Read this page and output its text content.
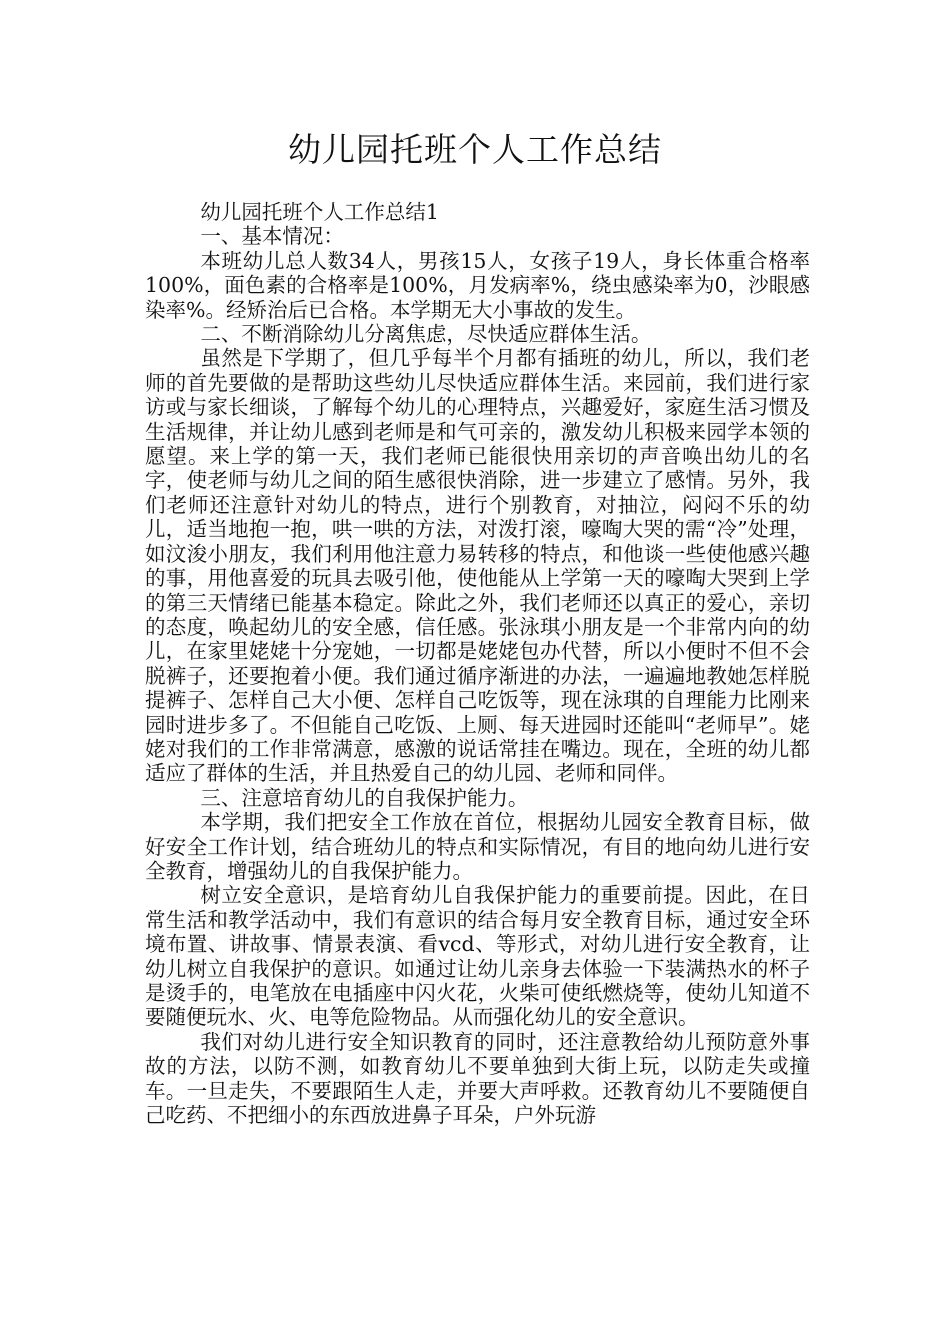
幼儿园托班个人工作总结

幼儿园托班个人工作总结1

一、基本情况：

本班幼儿总人数34人，男孩15人，女孩子19人，身长体重合格率100%，面色素的合格率是100%，月发病率%，绕虫感染率为0，沙眼感染率%。经矫治后已合格。本学期无大小事故的发生。

二、不断消除幼儿分离焦虑，尽快适应群体生活。

虽然是下学期了，但几乎每半个月都有插班的幼儿，所以，我们老师的首先要做的是帮助这些幼儿尽快适应群体生活。来园前，我们进行家访或与家长细谈，了解每个幼儿的心理特点，兴趣爱好，家庭生活习惯及生活规律，并让幼儿感到老师是和气可亲的，激发幼儿积极来园学本领的愿望。来上学的第一天，我们老师已能很快用亲切的声音唤出幼儿的名字，使老师与幼儿之间的陌生感很快消除，进一步建立了感情。另外，我们老师还注意针对幼儿的特点，进行个别教育，对抽泣，闷闷不乐的幼儿，适当地抱一抱，哄一哄的方法，对泼打滚，嚎啕大哭的需“冷”处理，如汶浚小朋友，我们利用他注意力易转移的特点，和他谈一些使他感兴趣的事，用他喜爱的玩具去吸引他，使他能从上学第一天的嚎啕大哭到上学的第三天情绪已能基本稳定。除此之外，我们老师还以真正的爱心，亲切的态度，唤起幼儿的安全感，信任感。张泳琪小朋友是一个非常内向的幼儿，在家里姥姥十分宠她，一切都是姥姥包办代替，所以小便时不但不会脱裤子，还要抱着小便。我们通过循序渐进的办法，一遍遍地教她怎样脱提裤子、怎样自己大小便、怎样自己吃饭等，现在泳琪的自理能力比刚来园时进步多了。不但能自己吃饭、上厕、每天进园时还能叫“老师早”。姥姥对我们的工作非常满意，感激的说话常挂在嘴边。现在，全班的幼儿都适应了群体的生活，并且热爱自己的幼儿园、老师和同伴。

三、注意培育幼儿的自我保护能力。

本学期，我们把安全工作放在首位，根据幼儿园安全教育目标，做好安全工作计划，结合班幼儿的特点和实际情况，有目的地向幼儿进行安全教育，增强幼儿的自我保护能力。

树立安全意识，是培育幼儿自我保护能力的重要前提。因此，在日常生活和教学活动中，我们有意识的结合每月安全教育目标，通过安全环境布置、讲故事、情景表演、看vcd、等形式，对幼儿进行安全教育，让幼儿树立自我保护的意识。如通过让幼儿亲身去体验一下装满热水的杯子是烫手的，电笔放在电插座中闪火花，火柴可使纸燃烧等，使幼儿知道不要随便玩水、火、电等危险物品。从而强化幼儿的安全意识。

我们对幼儿进行安全知识教育的同时，还注意教给幼儿预防意外事故的方法，以防不测，如教育幼儿不要单独到大街上玩，以防走失或撞车。一旦走失，不要跟陌生人走，并要大声呼救。还教育幼儿不要随便自己吃药、不把细小的东西放进鼻子耳朵，户外玩游
